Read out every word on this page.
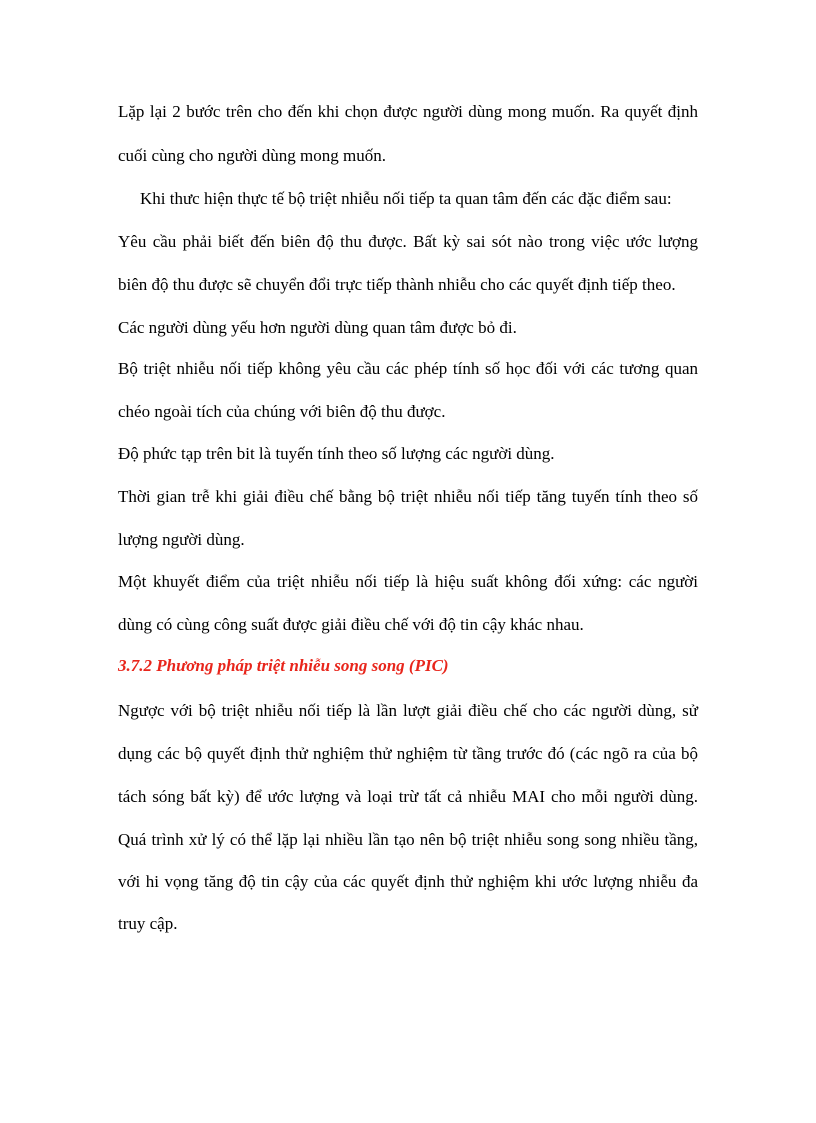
Lặp lại 2 bước trên cho đến khi chọn được người dùng mong muốn. Ra quyết định
cuối cùng cho người dùng mong muốn.
Khi thưc hiện thực tế bộ triệt nhiễu nối tiếp ta quan tâm đến các đặc điểm sau:
Yêu cầu phải biết đến biên độ thu được. Bất kỳ sai sót nào trong việc ước lượng
biên độ thu được sẽ chuyển đổi trực tiếp thành nhiễu cho các quyết định tiếp theo.
Các người dùng yếu hơn người dùng quan tâm được bỏ đi.
Bộ triệt nhiễu nối tiếp không yêu cầu các phép tính số học đối với các tương quan
chéo ngoài tích của chúng với biên độ thu được.
Độ phức tạp trên bit là tuyến tính theo số lượng các người dùng.
Thời gian trễ khi giải điều chế bằng bộ triệt nhiễu nối tiếp tăng tuyến tính theo số
lượng người dùng.
Một khuyết điểm của triệt nhiễu nối tiếp là hiệu suất không đối xứng: các người
dùng có cùng công suất được giải điều chế với độ tin cậy khác nhau.
3.7.2 Phương pháp triệt nhiễu song song (PIC)
Ngược với bộ triệt nhiễu nối tiếp là lần lượt giải điều chế cho các người dùng, sử
dụng các bộ quyết định thử nghiệm thử nghiệm từ tầng trước đó (các ngõ ra của bộ
tách sóng bất kỳ) để ước lượng và loại trừ tất cả nhiễu MAI cho mỗi người dùng.
Quá trình xử lý có thể lặp lại nhiều lần tạo nên bộ triệt nhiễu song song nhiều tầng,
với hi vọng tăng độ tin cậy của các quyết định thử nghiệm khi ước lượng nhiễu đa
truy cập.
